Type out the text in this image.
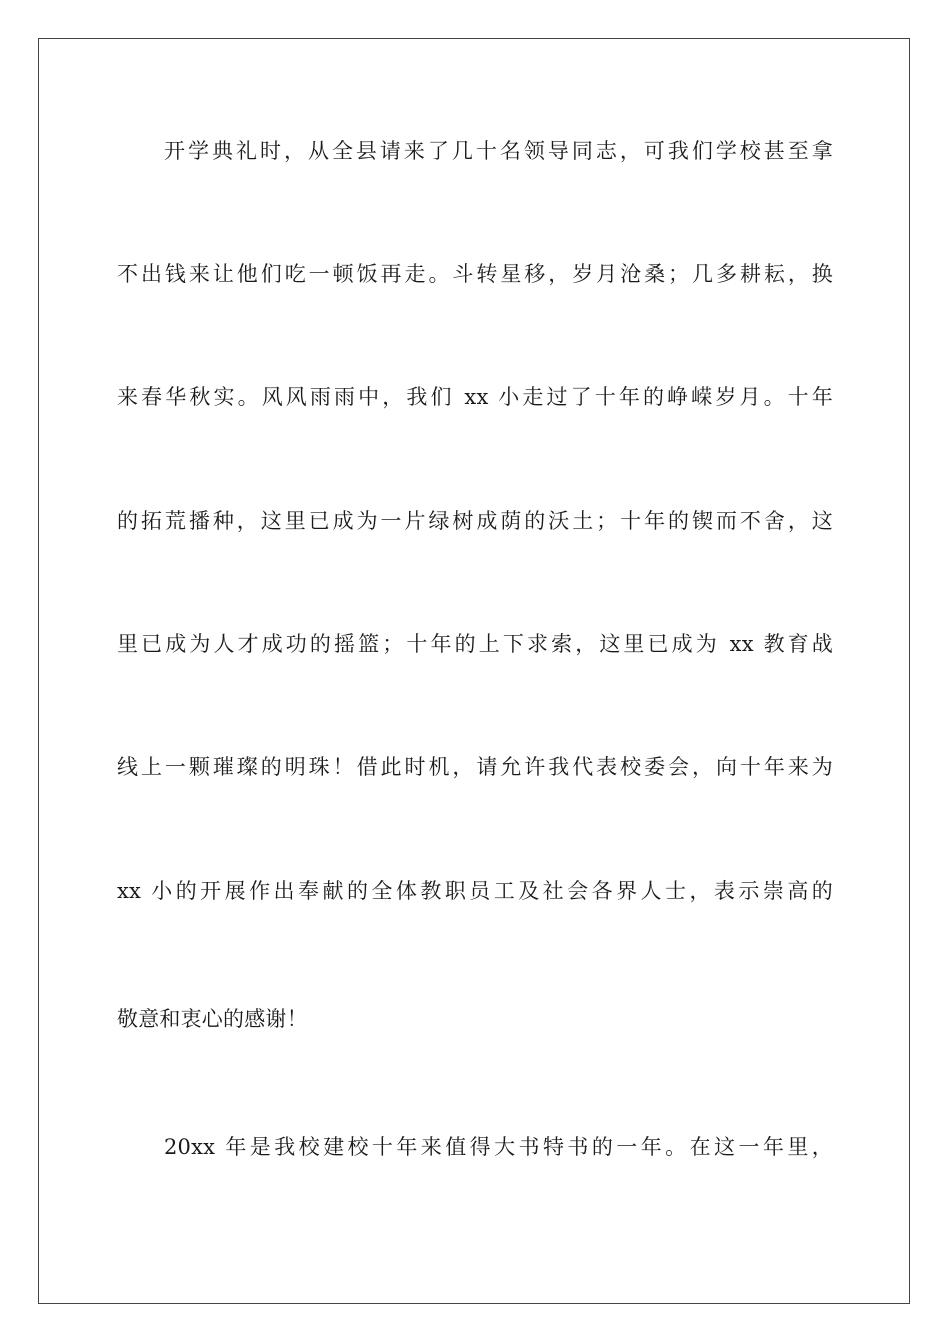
开学典礼时，从全县请来了几十名领导同志，可我们学校甚至拿
不出钱来让他们吃一顿饭再走。斗转星移，岁月沧桑；几多耕耘，换
来春华秋实。风风雨雨中，我们 xx 小走过了十年的峥嵘岁月。十年
的拓荒播种，这里已成为一片绿树成荫的沃土；十年的锲而不舍，这
里已成为人才成功的摇篮；十年的上下求索，这里已成为 xx 教育战
线上一颗璀璨的明珠！借此时机，请允许我代表校委会，向十年来为
xx 小的开展作出奉献的全体教职员工及社会各界人士，表示崇高的
敬意和衷心的感谢！
20xx 年是我校建校十年来值得大书特书的一年。在这一年里，
